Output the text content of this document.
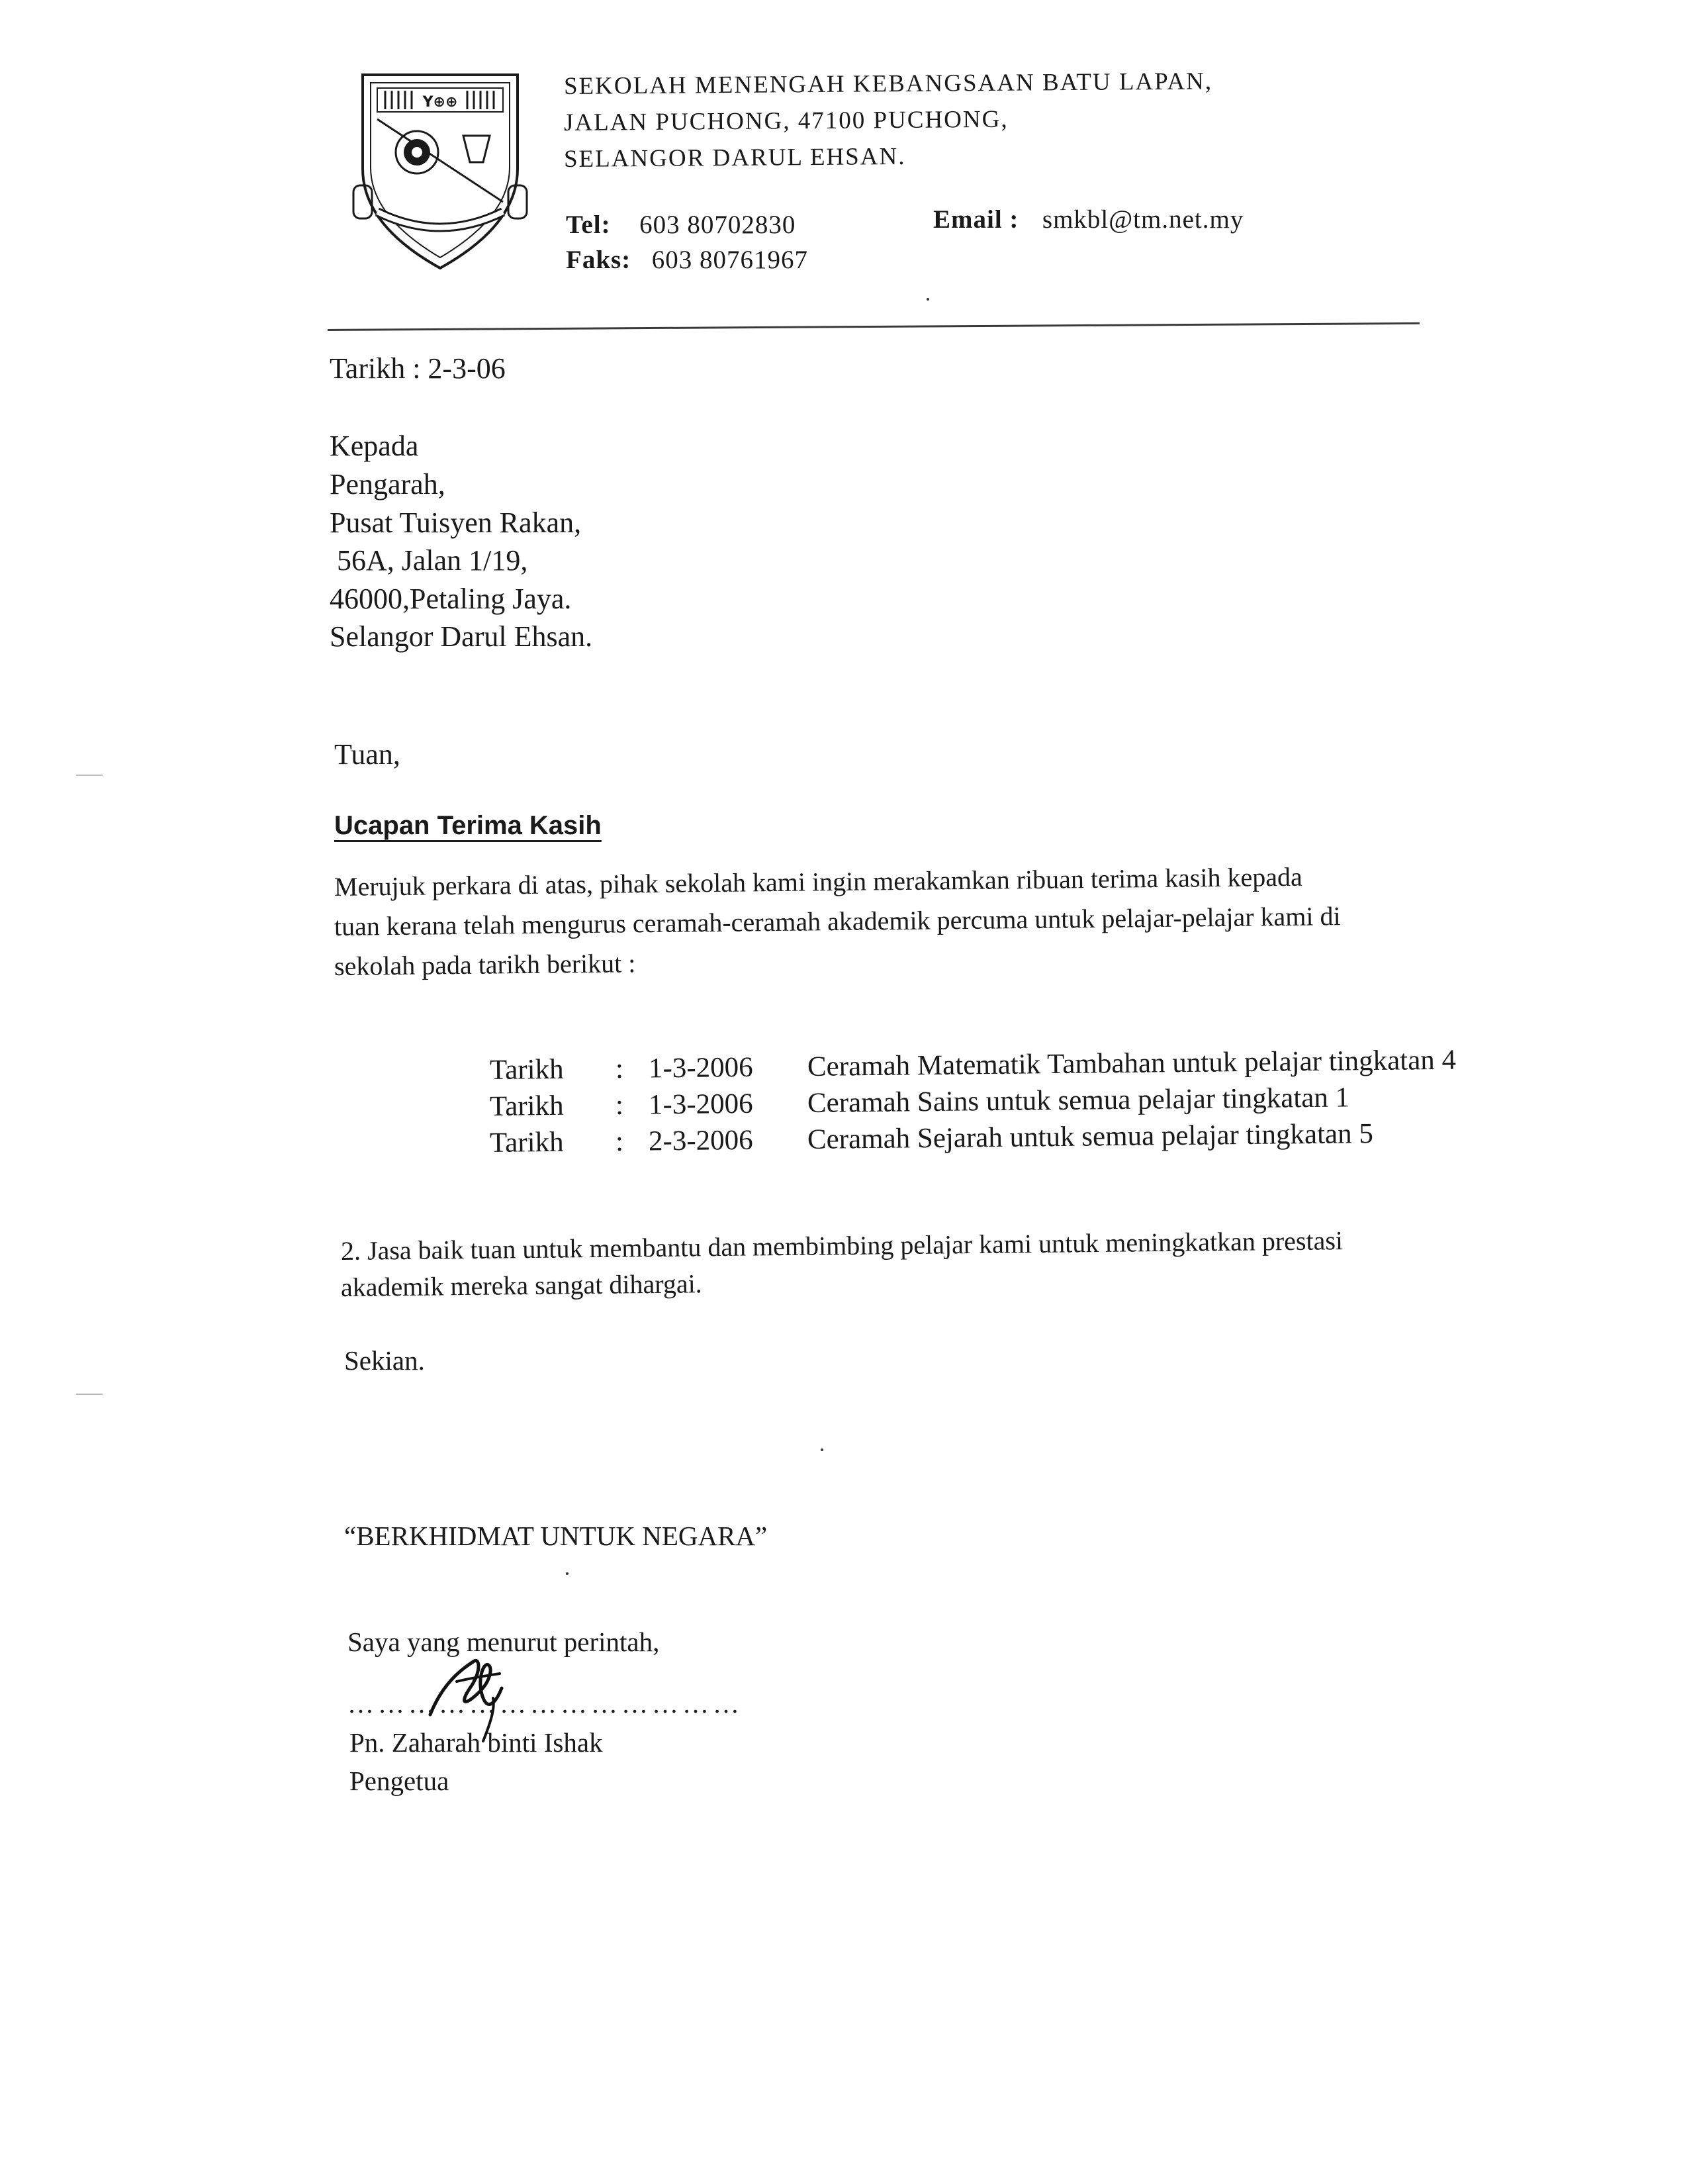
Y⊕⊕
SEKOLAH MENENGAH KEBANGSAAN BATU LAPAN,
JALAN PUCHONG, 47100 PUCHONG,
SELANGOR DARUL EHSAN.
Tel: 603 80702830
Faks: 603 80761967
Email : smkbl@tm.net.my
Tarikh : 2-3-06
Kepada
Pengarah,
Pusat Tuisyen Rakan,
56A, Jalan 1/19,
46000,Petaling Jaya.
Selangor Darul Ehsan.
Tuan,
Ucapan Terima Kasih
Merujuk perkara di atas, pihak sekolah kami ingin merakamkan ribuan terima kasih kepada
tuan kerana telah mengurus ceramah-ceramah akademik percuma untuk pelajar-pelajar kami di
sekolah pada tarikh berikut :
Tarikh : 1-3-2006 Ceramah Matematik Tambahan untuk pelajar tingkatan 4
Tarikh : 1-3-2006 Ceramah Sains untuk semua pelajar tingkatan 1
Tarikh : 2-3-2006 Ceramah Sejarah untuk semua pelajar tingkatan 5
2. Jasa baik tuan untuk membantu dan membimbing pelajar kami untuk meningkatkan prestasi
akademik mereka sangat dihargai.
Sekian.
“BERKHIDMAT UNTUK NEGARA”
Saya yang menurut perintah,
…………………………………
Pn. Zaharah binti Ishak
Pengetua
